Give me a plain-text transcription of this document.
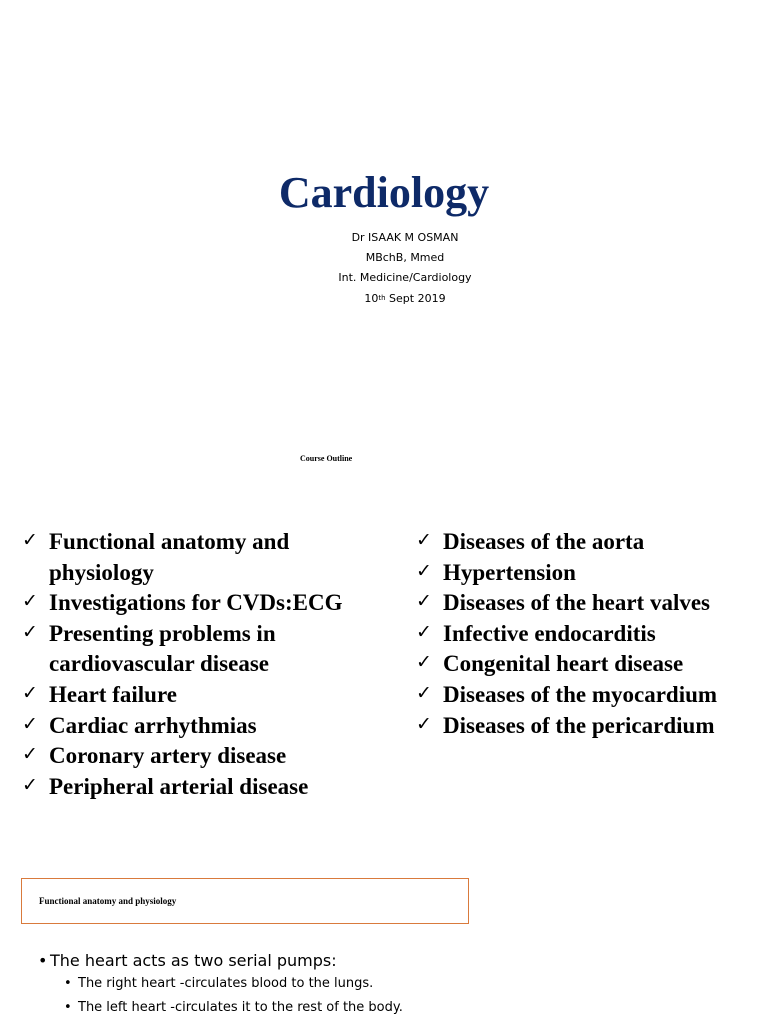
Cardiology
Dr ISAAK M OSMAN
MBchB, Mmed
Int. Medicine/Cardiology
10th Sept 2019
Course Outline
✓ Functional anatomy and
physiology
✓ Investigations for CVDs:ECG
✓ Presenting problems in
cardiovascular disease
✓ Heart failure
✓ Cardiac arrhythmias
✓ Coronary artery disease
✓ Peripheral arterial disease
✓ Diseases of the aorta
✓ Hypertension
✓ Diseases of the heart valves
✓ Infective endocarditis
✓ Congenital heart disease
✓ Diseases of the myocardium
✓ Diseases of the pericardium
Functional anatomy and physiology
• The heart acts as two serial pumps:
• The right heart -circulates blood to the lungs.
• The left heart -circulates it to the rest of the body.
